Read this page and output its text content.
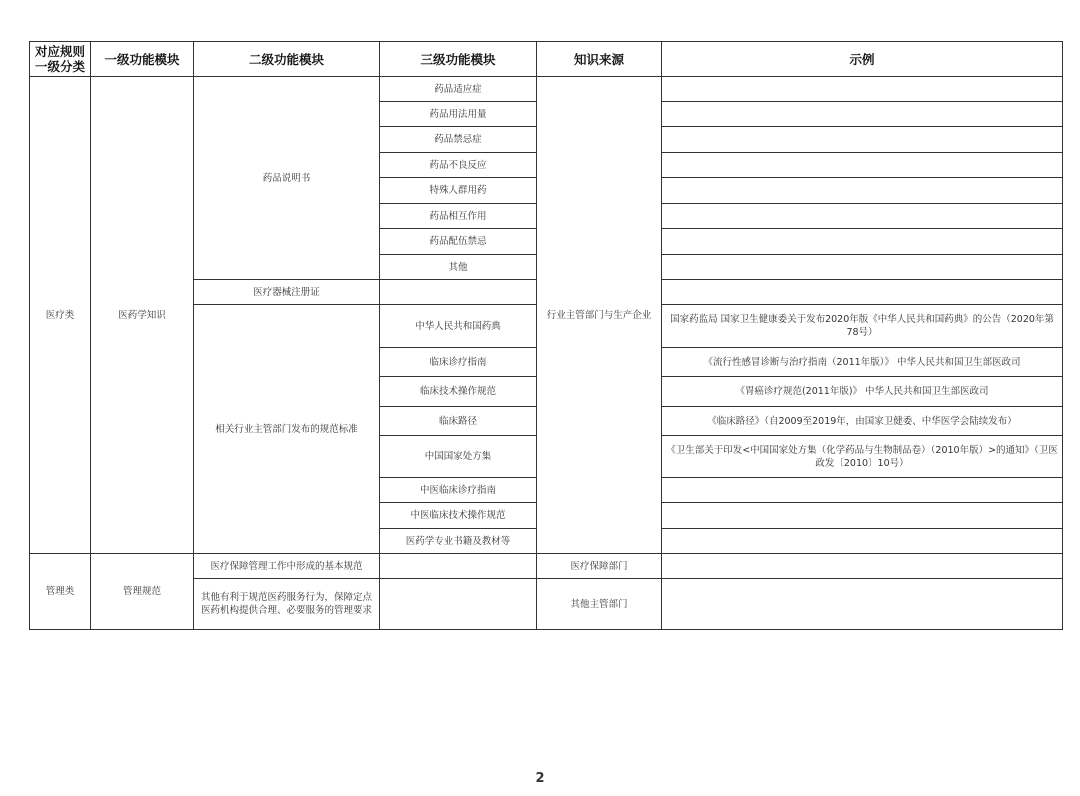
对应规则一级分类	一级功能模块	二级功能模块	三级功能模块	知识来源	示例
医疗类	医药学知识	药品说明书	药品适应症	行业主管部门与生产企业	
			药品用法用量		
			药品禁忌症		
			药品不良反应		
			特殊人群用药		
			药品相互作用		
			药品配伍禁忌		
			其他		
		医疗器械注册证			
		相关行业主管部门发布的规范标准	中华人民共和国药典		国家药监局 国家卫生健康委关于发布2020年版《中华人民共和国药典》的公告（2020年第78号）
			临床诊疗指南		《流行性感冒诊断与治疗指南（2011年版）》 中华人民共和国卫生部医政司
			临床技术操作规范		《胃癌诊疗规范(2011年版)》 中华人民共和国卫生部医政司
			临床路径		《临床路径》（自2009至2019年，由国家卫健委、中华医学会陆续发布）
			中国国家处方集		《卫生部关于印发<中国国家处方集（化学药品与生物制品卷）（2010年版）>的通知》（卫医政发〔2010〕10号）
			中医临床诊疗指南		
			中医临床技术操作规范		
			医药学专业书籍及教材等		
管理类	管理规范	医疗保障管理工作中形成的基本规范		医疗保障部门	
		其他有利于规范医药服务行为，保障定点医药机构提供合理、必要服务的管理要求		其他主管部门	
2
